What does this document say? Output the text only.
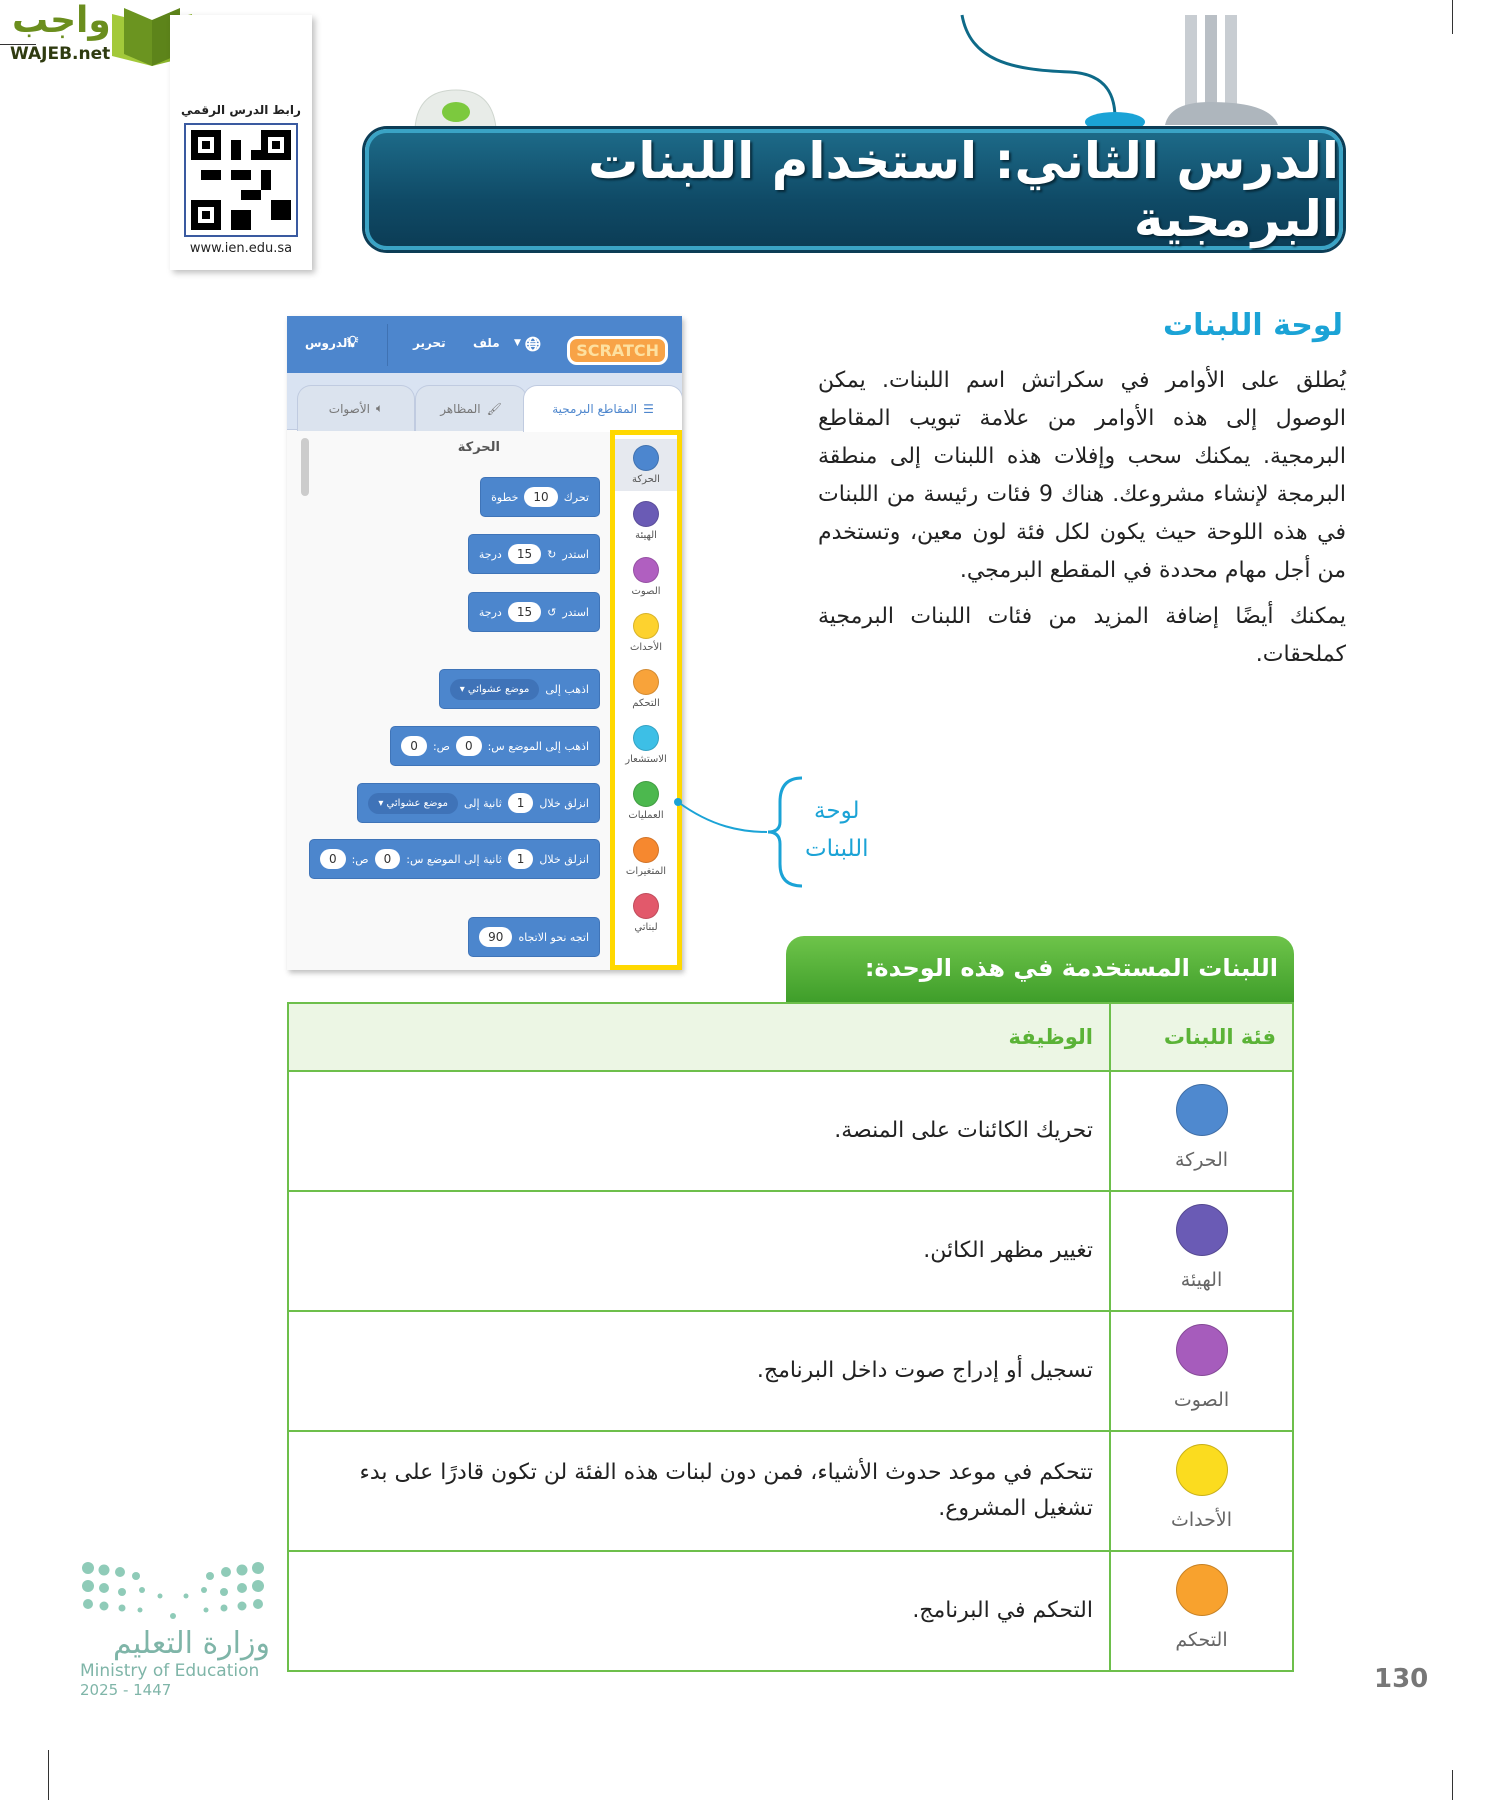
واجب
WAJEB.net
رابط الدرس الرقمي
www.ien.edu.sa
الدرس الثاني: استخدام اللبنات البرمجية
لوحة اللبنات

يُطلق على الأوامر في سكراتش اسم اللبنات. يمكن الوصول إلى هذه الأوامر من علامة تبويب المقاطع البرمجية. يمكنك سحب وإفلات هذه اللبنات إلى منطقة البرمجة لإنشاء مشروعك. هناك 9 فئات رئيسة من اللبنات في هذه اللوحة حيث يكون لكل فئة لون معين، وتستخدم من أجل مهام محددة في المقطع البرمجي.

يمكنك أيضًا إضافة المزيد من فئات اللبنات البرمجية كملحقات.

SCRATCH
🌐︎
▼
ملف
تحرير
الدروس
💡︎
🔈︎
الأصوات	🖌︎
المظاهر	☰
المقاطع البرمجية
الحركة
تحرك
10
خطوة
استدر
↻
15
درجة
استدر
↺
15
درجة
اذهب إلى
موضع عشوائي ▾
اذهب إلى الموضع س:
0
ص:
0
انزلق خلال
1
ثانية إلى
موضع عشوائي ▾
انزلق خلال
1
ثانية إلى الموضع س:
0
ص:
0
اتجه نحو الاتجاه
90
الحركة
الهيئة
الصوت
الأحداث
التحكم
الاستشعار
العمليات
المتغيرات
لبناتي
لوحة
اللبنات
اللبنات المستخدمة في هذه الوحدة:
فئة اللبنات	الوظيفة

الحركة	تحريك الكائنات على المنصة.

الهيئة	تغيير مظهر الكائن.

الصوت	تسجيل أو إدراج صوت داخل البرنامج.

الأحداث	تتحكم في موعد حدوث الأشياء، فمن دون لبنات هذه الفئة لن تكون قادرًا على بدء تشغيل المشروع.

التحكم	التحكم في البرنامج.
130
وزارة التعليم
Ministry of Education
2025 - 1447
